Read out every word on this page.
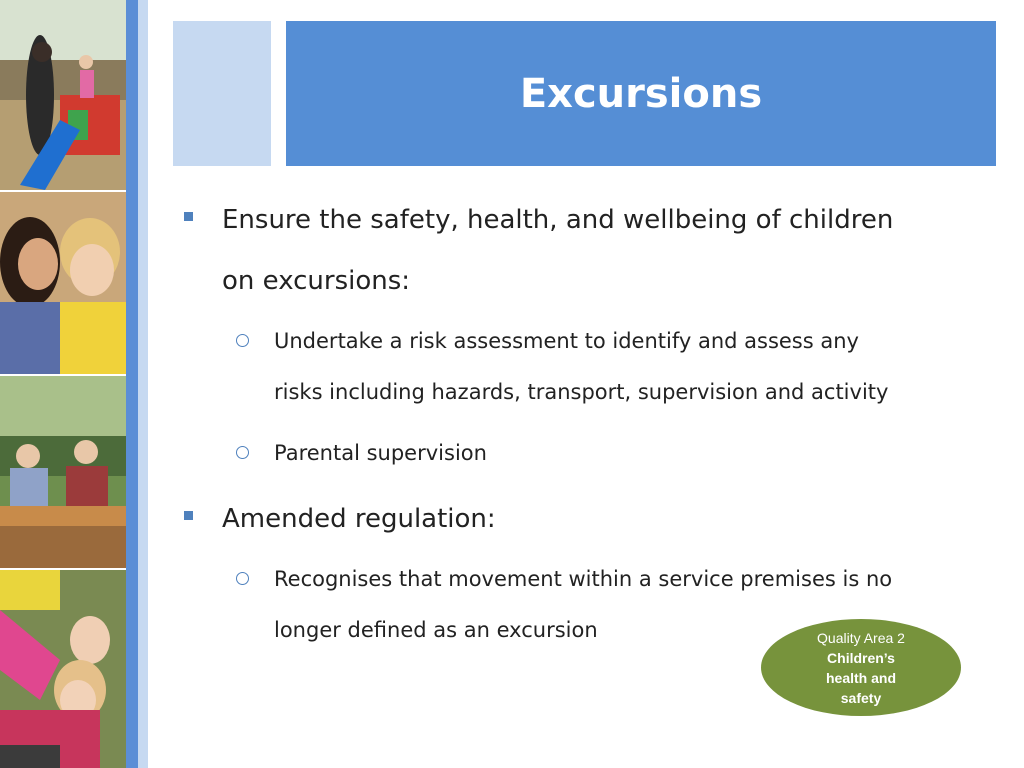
Excursions
Ensure the safety, health, and wellbeing of children
on excursions:
Undertake a risk assessment to identify and assess any
risks including hazards, transport, supervision and activity
Parental supervision
Amended regulation:
Recognises that movement within a service premises is no
longer defined as an excursion	Quality Area 2
Children’s
health and
safety
